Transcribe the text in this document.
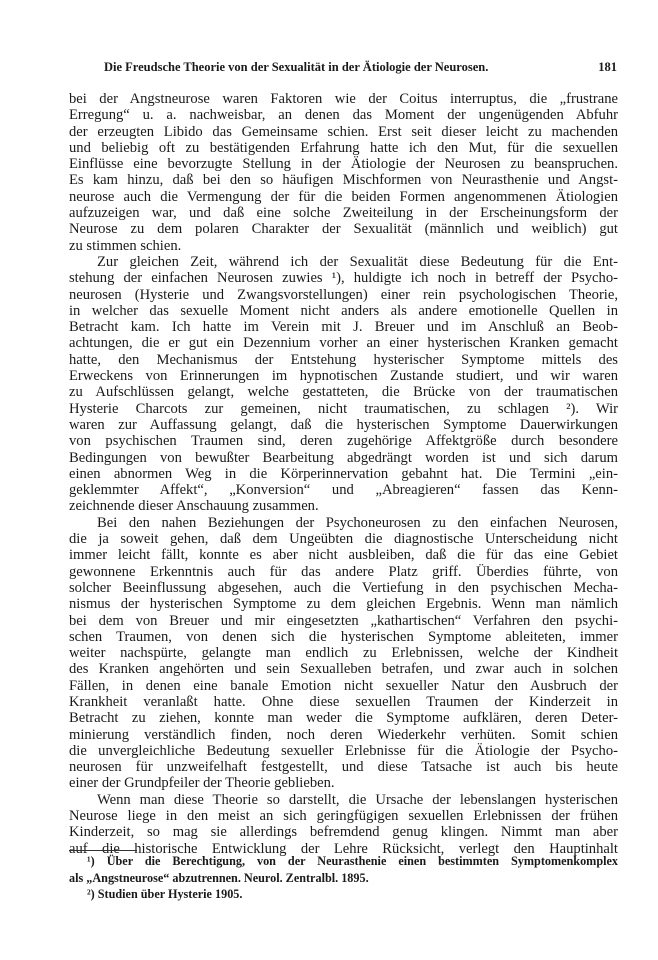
Die Freudsche Theorie von der Sexualität in der Ätiologie der Neurosen.	181
bei der Angstneurose waren Faktoren wie der Coitus interruptus, die „frustrane
Erregung“ u. a. nachweisbar, an denen das Moment der ungenügenden Abfuhr
der erzeugten Libido das Gemeinsame schien. Erst seit dieser leicht zu machenden
und beliebig oft zu bestätigenden Erfahrung hatte ich den Mut, für die sexuellen
Einflüsse eine bevorzugte Stellung in der Ätiologie der Neurosen zu beanspruchen.
Es kam hinzu, daß bei den so häufigen Mischformen von Neurasthenie und Angst-
neurose auch die Vermengung der für die beiden Formen angenommenen Ätiologien
aufzuzeigen war, und daß eine solche Zweiteilung in der Erscheinungsform der
Neurose zu dem polaren Charakter der Sexualität (männlich und weiblich) gut
zu stimmen schien.
Zur gleichen Zeit, während ich der Sexualität diese Bedeutung für die Ent-
stehung der einfachen Neurosen zuwies ¹), huldigte ich noch in betreff der Psycho-
neurosen (Hysterie und Zwangsvorstellungen) einer rein psychologischen Theorie,
in welcher das sexuelle Moment nicht anders als andere emotionelle Quellen in
Betracht kam. Ich hatte im Verein mit J. Breuer und im Anschluß an Beob-
achtungen, die er gut ein Dezennium vorher an einer hysterischen Kranken gemacht
hatte, den Mechanismus der Entstehung hysterischer Symptome mittels des
Erweckens von Erinnerungen im hypnotischen Zustande studiert, und wir waren
zu Aufschlüssen gelangt, welche gestatteten, die Brücke von der traumatischen
Hysterie Charcots zur gemeinen, nicht traumatischen, zu schlagen ²). Wir
waren zur Auffassung gelangt, daß die hysterischen Symptome Dauerwirkungen
von psychischen Traumen sind, deren zugehörige Affektgröße durch besondere
Bedingungen von bewußter Bearbeitung abgedrängt worden ist und sich darum
einen abnormen Weg in die Körperinnervation gebahnt hat. Die Termini „ein-
geklemmter Affekt“, „Konversion“ und „Abreagieren“ fassen das Kenn-
zeichnende dieser Anschauung zusammen.
Bei den nahen Beziehungen der Psychoneurosen zu den einfachen Neurosen,
die ja soweit gehen, daß dem Ungeübten die diagnostische Unterscheidung nicht
immer leicht fällt, konnte es aber nicht ausbleiben, daß die für das eine Gebiet
gewonnene Erkenntnis auch für das andere Platz griff. Überdies führte, von
solcher Beeinflussung abgesehen, auch die Vertiefung in den psychischen Mecha-
nismus der hysterischen Symptome zu dem gleichen Ergebnis. Wenn man nämlich
bei dem von Breuer und mir eingesetzten „kathartischen“ Verfahren den psychi-
schen Traumen, von denen sich die hysterischen Symptome ableiteten, immer
weiter nachspürte, gelangte man endlich zu Erlebnissen, welche der Kindheit
des Kranken angehörten und sein Sexualleben betrafen, und zwar auch in solchen
Fällen, in denen eine banale Emotion nicht sexueller Natur den Ausbruch der
Krankheit veranlaßt hatte. Ohne diese sexuellen Traumen der Kinderzeit in
Betracht zu ziehen, konnte man weder die Symptome aufklären, deren Deter-
minierung verständlich finden, noch deren Wiederkehr verhüten. Somit schien
die unvergleichliche Bedeutung sexueller Erlebnisse für die Ätiologie der Psycho-
neurosen für unzweifelhaft festgestellt, und diese Tatsache ist auch bis heute
einer der Grundpfeiler der Theorie geblieben.
Wenn man diese Theorie so darstellt, die Ursache der lebenslangen hysterischen
Neurose liege in den meist an sich geringfügigen sexuellen Erlebnissen der frühen
Kinderzeit, so mag sie allerdings befremdend genug klingen. Nimmt man aber
auf die historische Entwicklung der Lehre Rücksicht, verlegt den Hauptinhalt
¹) Über die Berechtigung, von der Neurasthenie einen bestimmten Symptomenkomplex
als „Angstneurose“ abzutrennen. Neurol. Zentralbl. 1895.
²) Studien über Hysterie 1905.
